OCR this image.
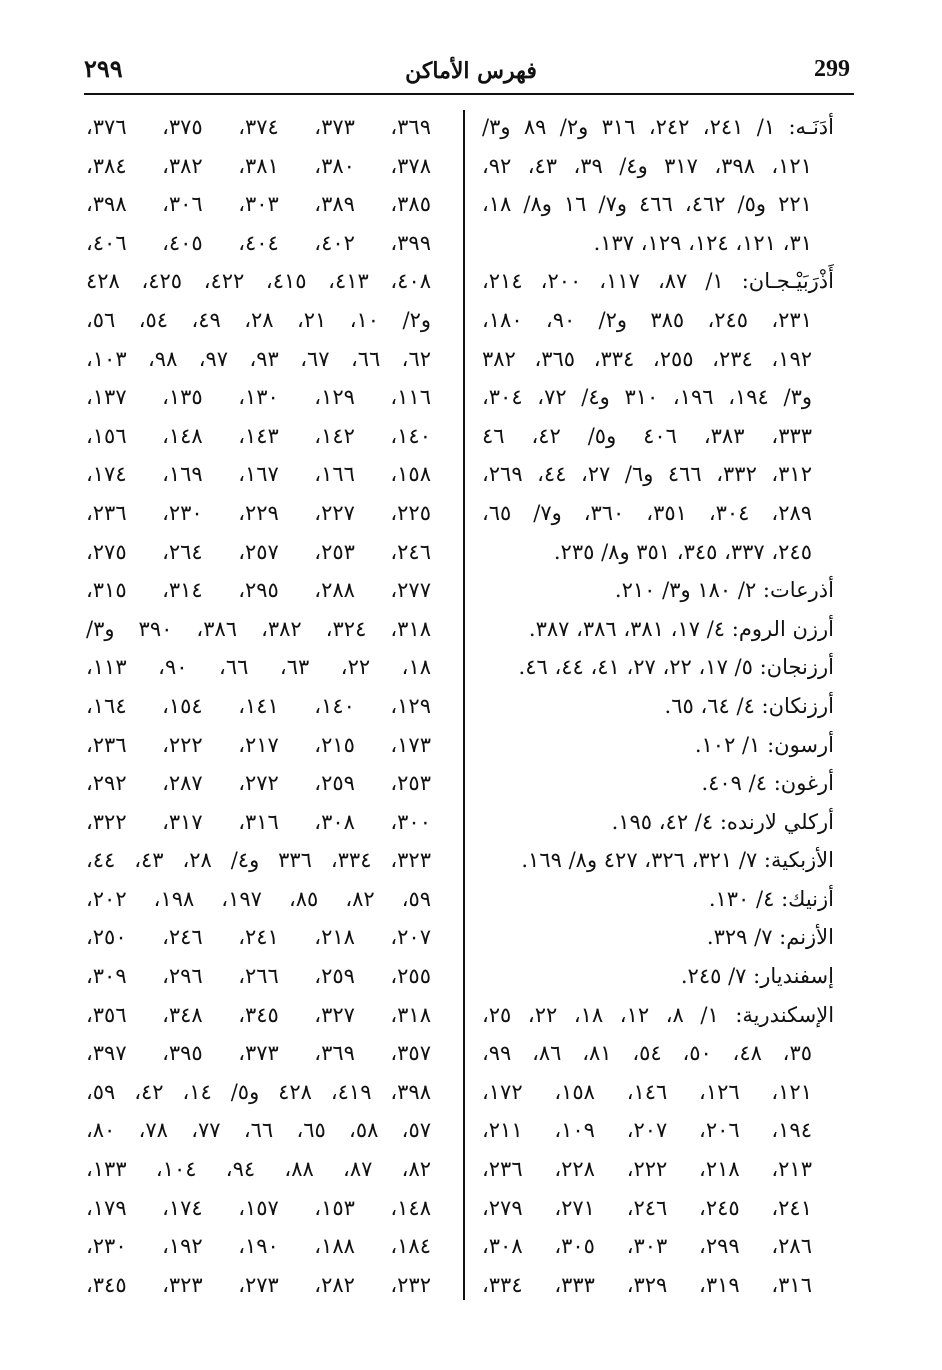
299
فهرس الأماكن
٢٩٩
أدَنَـه: ١/ ٢٤١، ٢٤٢، ٣١٦ و٢/ ٨٩ و٣/
١٢١، ٣٩٨، ٣١٧ و٤/ ٣٩، ٤٣، ٩٢،
٢٢١ و٥/ ٤٦٢، ٤٦٦ و٧/ ١٦ و٨/ ١٨،
٣١، ١٢١، ١٢٤، ١٢٩، ١٣٧.
أَذْرَبَيْـجـان: ١/ ٨٧، ١١٧، ٢٠٠، ٢١٤،
٢٣١، ٢٤٥، ٣٨٥ و٢/ ٩٠، ١٨٠،
١٩٢، ٢٣٤، ٢٥٥، ٣٣٤، ٣٦٥، ٣٨٢
و٣/ ١٩٤، ١٩٦، ٣١٠ و٤/ ٧٢، ٣٠٤،
٣٣٣، ٣٨٣، ٤٠٦ و٥/ ٤٢، ٤٦
٣١٢، ٣٣٢، ٤٦٦ و٦/ ٢٧، ٤٤، ٢٦٩،
٢٨٩، ٣٠٤، ٣٥١، ٣٦٠، و٧/ ٦٥،
٢٤٥، ٣٣٧، ٣٤٥، ٣٥١ و٨/ ٢٣٥.
أذرعات: ٢/ ١٨٠ و٣/ ٢١٠.
أرزن الروم: ٤/ ١٧، ٣٨١، ٣٨٦، ٣٨٧.
أرزنجان: ٥/ ١٧، ٢٢، ٢٧، ٤١، ٤٤، ٤٦.
أرزنكان: ٤/ ٦٤، ٦٥.
أرسون: ١/ ١٠٢.
أرغون: ٤/ ٤٠٩.
أركلي لارنده: ٤/ ٤٢، ١٩٥.
الأزبكية: ٧/ ٣٢١، ٣٢٦، ٤٢٧ و٨/ ١٦٩.
أزنيك: ٤/ ١٣٠.
الأزنم: ٧/ ٣٢٩.
إسفنديار: ٧/ ٢٤٥.
الإسكندرية: ١/ ٨، ١٢، ١٨، ٢٢، ٢٥،
٣٥، ٤٨، ٥٠، ٥٤، ٨١، ٨٦، ٩٩،
١٢١، ١٢٦، ١٤٦، ١٥٨، ١٧٢،
١٩٤، ٢٠٦، ٢٠٧، ١٠٩، ٢١١،
٢١٣، ٢١٨، ٢٢٢، ٢٢٨، ٢٣٦،
٢٤١، ٢٤٥، ٢٤٦، ٢٧١، ٢٧٩،
٢٨٦، ٢٩٩، ٣٠٣، ٣٠٥، ٣٠٨،
٣١٦، ٣١٩، ٣٢٩، ٣٣٣، ٣٣٤،
٣٦٩، ٣٧٣، ٣٧٤، ٣٧٥، ٣٧٦،
٣٧٨، ٣٨٠، ٣٨١، ٣٨٢، ٣٨٤،
٣٨٥، ٣٨٩، ٣٠٣، ٣٠٦، ٣٩٨،
٣٩٩، ٤٠٢، ٤٠٤، ٤٠٥، ٤٠٦،
٤٠٨، ٤١٣، ٤١٥، ٤٢٢، ٤٢٥، ٤٢٨
و٢/ ١٠، ٢١، ٢٨، ٤٩، ٥٤، ٥٦،
٦٢، ٦٦، ٦٧، ٩٣، ٩٧، ٩٨، ١٠٣،
١١٦، ١٢٩، ١٣٠، ١٣٥، ١٣٧،
١٤٠، ١٤٢، ١٤٣، ١٤٨، ١٥٦،
١٥٨، ١٦٦، ١٦٧، ١٦٩، ١٧٤،
٢٢٥، ٢٢٧، ٢٢٩، ٢٣٠، ٢٣٦،
٢٤٦، ٢٥٣، ٢٥٧، ٢٦٤، ٢٧٥،
٢٧٧، ٢٨٨، ٢٩٥، ٣١٤، ٣١٥،
٣١٨، ٣٢٤، ٣٨٢، ٣٨٦، ٣٩٠ و٣/
١٨، ٢٢، ٦٣، ٦٦، ٩٠، ١١٣،
١٢٩، ١٤٠، ١٤١، ١٥٤، ١٦٤،
١٧٣، ٢١٥، ٢١٧، ٢٢٢، ٢٣٦،
٢٥٣، ٢٥٩، ٢٧٢، ٢٨٧، ٢٩٢،
٣٠٠، ٣٠٨، ٣١٦، ٣١٧، ٣٢٢،
٣٢٣، ٣٣٤، ٣٣٦ و٤/ ٢٨، ٤٣، ٤٤،
٥٩، ٨٢، ٨٥، ١٩٧، ١٩٨، ٢٠٢،
٢٠٧، ٢١٨، ٢٤١، ٢٤٦، ٢٥٠،
٢٥٥، ٢٥٩، ٢٦٦، ٢٩٦، ٣٠٩،
٣١٨، ٣٢٧، ٣٤٥، ٣٤٨، ٣٥٦،
٣٥٧، ٣٦٩، ٣٧٣، ٣٩٥، ٣٩٧،
٣٩٨، ٤١٩، ٤٢٨ و٥/ ١٤، ٤٢، ٥٩،
٥٧، ٥٨، ٦٥، ٦٦، ٧٧، ٧٨، ٨٠،
٨٢، ٨٧، ٨٨، ٩٤، ١٠٤، ١٣٣،
١٤٨، ١٥٣، ١٥٧، ١٧٤، ١٧٩،
١٨٤، ١٨٨، ١٩٠، ١٩٢، ٢٣٠،
٢٣٢، ٢٨٢، ٢٧٣، ٣٢٣، ٣٤٥،
